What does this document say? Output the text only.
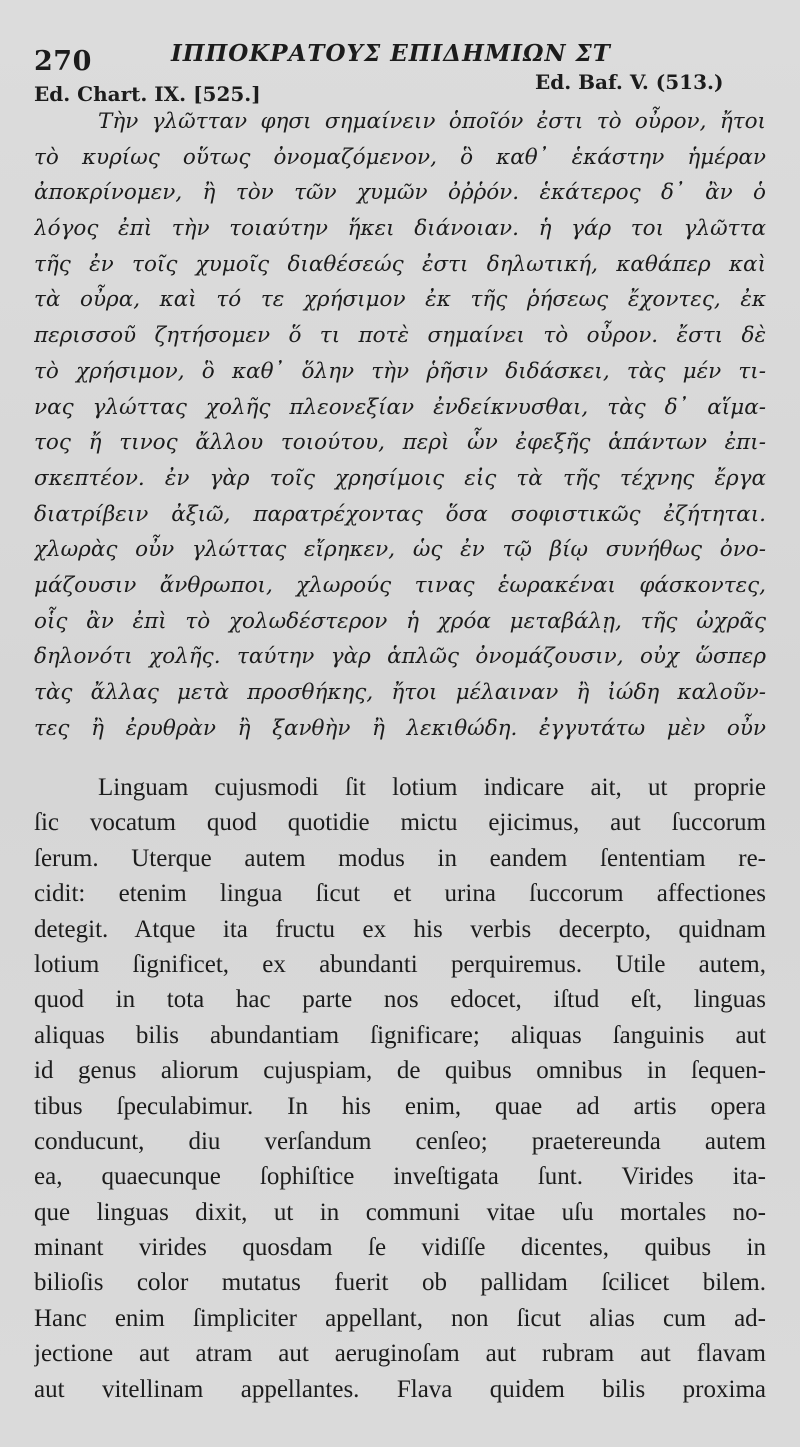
270	ΙΠΠΟΚΡΑΤΟΥΣ ΕΠΙΔΗΜΙΩΝ ΣΤ
Ed. Chart. IX. [525.]	Ed. Baf. V. (513.)
Τὴν γλῶτταν φησι σημαίνειν ὁποῖόν ἐστι τὸ οὖρον, ἤτοι
τὸ κυρίως οὕτως ὀνομαζόμενον, ὃ καθ᾽ ἑκάστην ἡμέραν
ἀποκρίνομεν, ἢ τὸν τῶν χυμῶν ὀῤῥόν. ἑκάτερος δ᾽ ἂν ὁ
λόγος ἐπὶ τὴν τοιαύτην ἥκει διάνοιαν. ἡ γάρ τοι γλῶττα
τῆς ἐν τοῖς χυμοῖς διαθέσεώς ἐστι δηλωτική, καθάπερ καὶ
τὰ οὖρα, καὶ τό τε χρήσιμον ἐκ τῆς ῥήσεως ἔχοντες, ἐκ
περισσοῦ ζητήσομεν ὅ τι ποτὲ σημαίνει τὸ οὖρον. ἔστι δὲ
τὸ χρήσιμον, ὃ καθ᾽ ὅλην τὴν ῥῆσιν διδάσκει, τὰς μέν τι-
νας γλώττας χολῆς πλεονεξίαν ἐνδείκνυσθαι, τὰς δ᾽ αἵμα-
τος ἤ τινος ἄλλου τοιούτου, περὶ ὧν ἐφεξῆς ἁπάντων ἐπι-
σκεπτέον. ἐν γὰρ τοῖς χρησίμοις εἰς τὰ τῆς τέχνης ἔργα
διατρίβειν ἀξιῶ, παρατρέχοντας ὅσα σοφιστικῶς ἐζήτηται.
χλωρὰς οὖν γλώττας εἴρηκεν, ὡς ἐν τῷ βίῳ συνήθως ὀνο-
μάζουσιν ἄνθρωποι, χλωρούς τινας ἑωρακέναι φάσκοντες,
οἷς ἂν ἐπὶ τὸ χολωδέστερον ἡ χρόα μεταβάλῃ, τῆς ὠχρᾶς
δηλονότι χολῆς. ταύτην γὰρ ἁπλῶς ὀνομάζουσιν, οὐχ ὥσπερ
τὰς ἄλλας μετὰ προσθήκης, ἤτοι μέλαιναν ἢ ἰώδη καλοῦν-
τες ἢ ἐρυθρὰν ἢ ξανθὴν ἢ λεκιθώδη. ἐγγυτάτω μὲν οὖν
Linguam cujusmodi ſit lotium indicare ait, ut proprie
ſic vocatum quod quotidie mictu ejicimus, aut ſuccorum
ſerum. Uterque autem modus in eandem ſententiam re-
cidit: etenim lingua ſicut et urina ſuccorum affectiones
detegit. Atque ita fructu ex his verbis decerpto, quidnam
lotium ſignificet, ex abundanti perquiremus. Utile autem,
quod in tota hac parte nos edocet, iſtud eſt, linguas
aliquas bilis abundantiam ſignificare; aliquas ſanguinis aut
id genus aliorum cujuspiam, de quibus omnibus in ſequen-
tibus ſpeculabimur. In his enim, quae ad artis opera
conducunt, diu verſandum cenſeo; praetereunda autem
ea, quaecunque ſophiſtice inveſtigata ſunt. Virides ita-
que linguas dixit, ut in communi vitae uſu mortales no-
minant virides quosdam ſe vidiſſe dicentes, quibus in
bilioſis color mutatus fuerit ob pallidam ſcilicet bilem.
Hanc enim ſimpliciter appellant, non ſicut alias cum ad-
jectione aut atram aut aeruginoſam aut rubram aut flavam
aut vitellinam appellantes. Flava quidem bilis proxima
